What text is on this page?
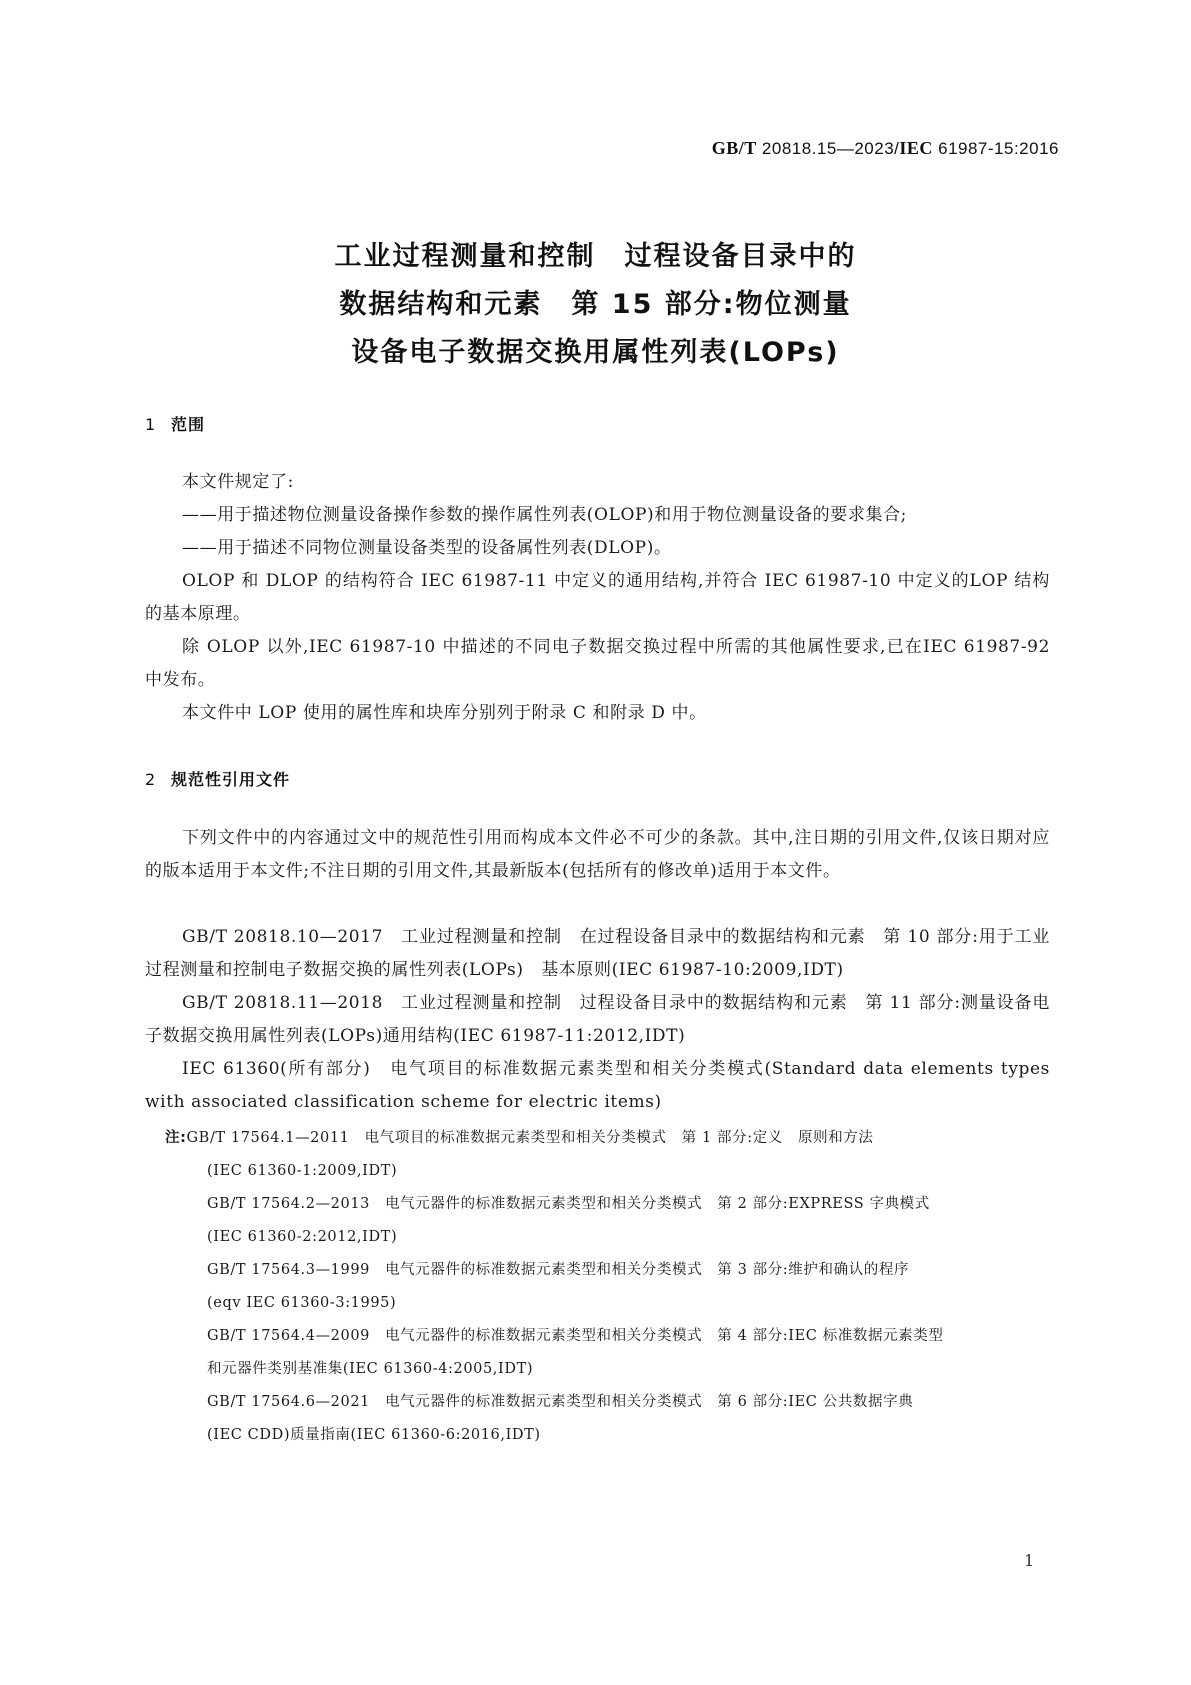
GB/T 20818.15—2023/IEC 61987-15:2016
工业过程测量和控制　过程设备目录中的
数据结构和元素　第 15 部分:物位测量
设备电子数据交换用属性列表(LOPs)
1 范围
本文件规定了:
——用于描述物位测量设备操作参数的操作属性列表(OLOP)和用于物位测量设备的要求集合;
——用于描述不同物位测量设备类型的设备属性列表(DLOP)。
OLOP 和 DLOP 的结构符合 IEC 61987-11 中定义的通用结构,并符合 IEC 61987-10 中定义的LOP 结构的基本原理。
除 OLOP 以外,IEC 61987-10 中描述的不同电子数据交换过程中所需的其他属性要求,已在IEC 61987-92 中发布。
本文件中 LOP 使用的属性库和块库分别列于附录 C 和附录 D 中。
2 规范性引用文件
下列文件中的内容通过文中的规范性引用而构成本文件必不可少的条款。其中,注日期的引用文件,仅该日期对应的版本适用于本文件;不注日期的引用文件,其最新版本(包括所有的修改单)适用于本文件。
GB/T 20818.10—2017　工业过程测量和控制　在过程设备目录中的数据结构和元素　第 10 部分:用于工业过程测量和控制电子数据交换的属性列表(LOPs)　基本原则(IEC 61987-10:2009,IDT)
GB/T 20818.11—2018　工业过程测量和控制　过程设备目录中的数据结构和元素　第 11 部分:测量设备电子数据交换用属性列表(LOPs)通用结构(IEC 61987-11:2012,IDT)
IEC 61360(所有部分)　电气项目的标准数据元素类型和相关分类模式(Standard data elements types with associated classification scheme for electric items)
注:GB/T 17564.1—2011　电气项目的标准数据元素类型和相关分类模式　第 1 部分:定义　原则和方法
(IEC 61360-1:2009,IDT)
GB/T 17564.2—2013　电气元器件的标准数据元素类型和相关分类模式　第 2 部分:EXPRESS 字典模式
(IEC 61360-2:2012,IDT)
GB/T 17564.3—1999　电气元器件的标准数据元素类型和相关分类模式　第 3 部分:维护和确认的程序
(eqv IEC 61360-3:1995)
GB/T 17564.4—2009　电气元器件的标准数据元素类型和相关分类模式　第 4 部分:IEC 标准数据元素类型
和元器件类别基准集(IEC 61360-4:2005,IDT)
GB/T 17564.6—2021　电气元器件的标准数据元素类型和相关分类模式　第 6 部分:IEC 公共数据字典
(IEC CDD)质量指南(IEC 61360-6:2016,IDT)
1
